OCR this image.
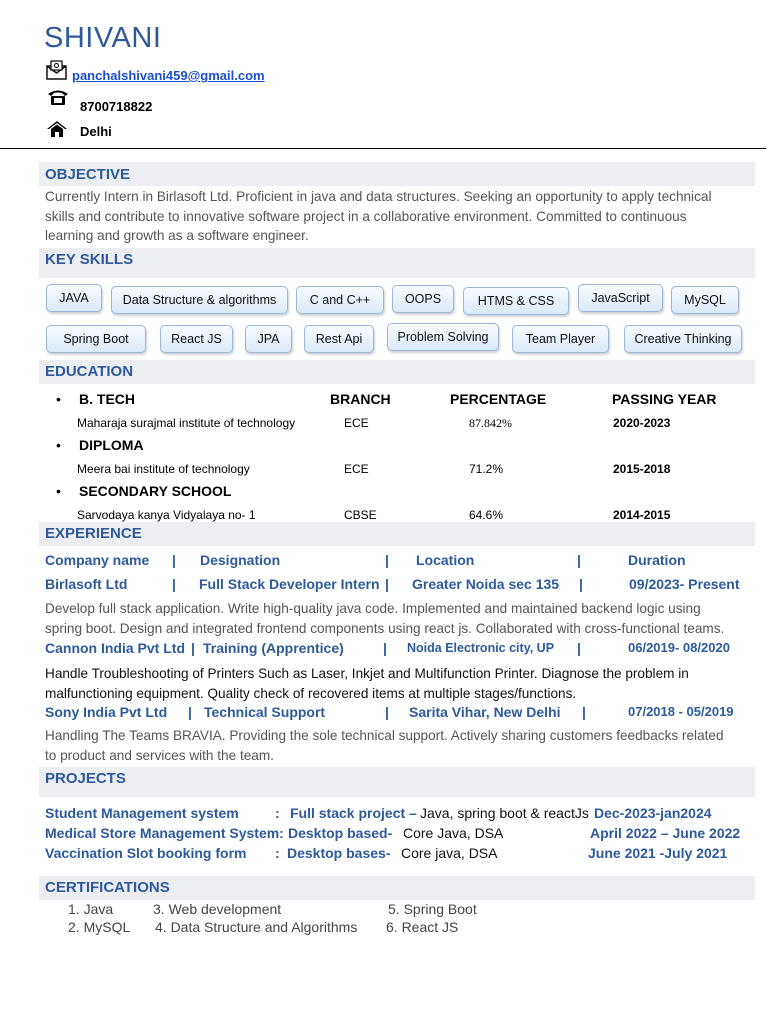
SHIVANI
panchalshivani459@gmail.com
8700718822
Delhi
OBJECTIVE
Currently Intern in Birlasoft Ltd. Proficient in java and data structures. Seeking an opportunity to apply technical
skills and contribute to innovative software project in a collaborative environment. Committed to continuous
learning and growth as a software engineer.
KEY SKILLS
JAVA	Data Structure & algorithms	C and C++	OOPS	HTMS & CSS	JavaScript	MySQL
Spring Boot	React JS	JPA	Rest Api	Problem Solving	Team Player	Creative Thinking
EDUCATION
• B. TECH	BRANCH	PERCENTAGE	PASSING YEAR
Maharaja surajmal institute of technology	ECE	87.842%	2020-2023
• DIPLOMA
Meera bai institute of technology	ECE	71.2%	2015-2018
• SECONDARY SCHOOL
Sarvodaya kanya Vidyalaya no- 1	CBSE	64.6%	2014-2015
EXPERIENCE
Company name | Designation	| Location	|	Duration
Birlasoft Ltd	| Full Stack Developer Intern | Greater Noida sec 135 |	09/2023- Present
Develop full stack application. Write high-quality java code. Implemented and maintained backend logic using
spring boot. Design and integrated frontend components using react js. Collaborated with cross-functional teams.
Cannon India Pvt Ltd | Training (Apprentice)	| Noida Electronic city, UP |	06/2019- 08/2020
Handle Troubleshooting of Printers Such as Laser, Inkjet and Multifunction Printer. Diagnose the problem in
malfunctioning equipment. Quality check of recovered items at multiple stages/functions.
Sony India Pvt Ltd | Technical Support	| Sarita Vihar, New Delhi |	07/2018 - 05/2019
Handling The Teams BRAVIA. Providing the sole technical support. Actively sharing customers feedbacks related
to product and services with the team.
PROJECTS
Student Management system	: Full stack project – Java, spring boot & reactJs Dec-2023-jan2024
Medical Store Management System: Desktop based- Core Java, DSA	April 2022 – June 2022
Vaccination Slot booking form : Desktop bases- Core java, DSA	June 2021 -July 2021
CERTIFICATIONS
1. Java
2. MySQL
3. Web development
4. Data Structure and Algorithms
5. Spring Boot
6. React JS
